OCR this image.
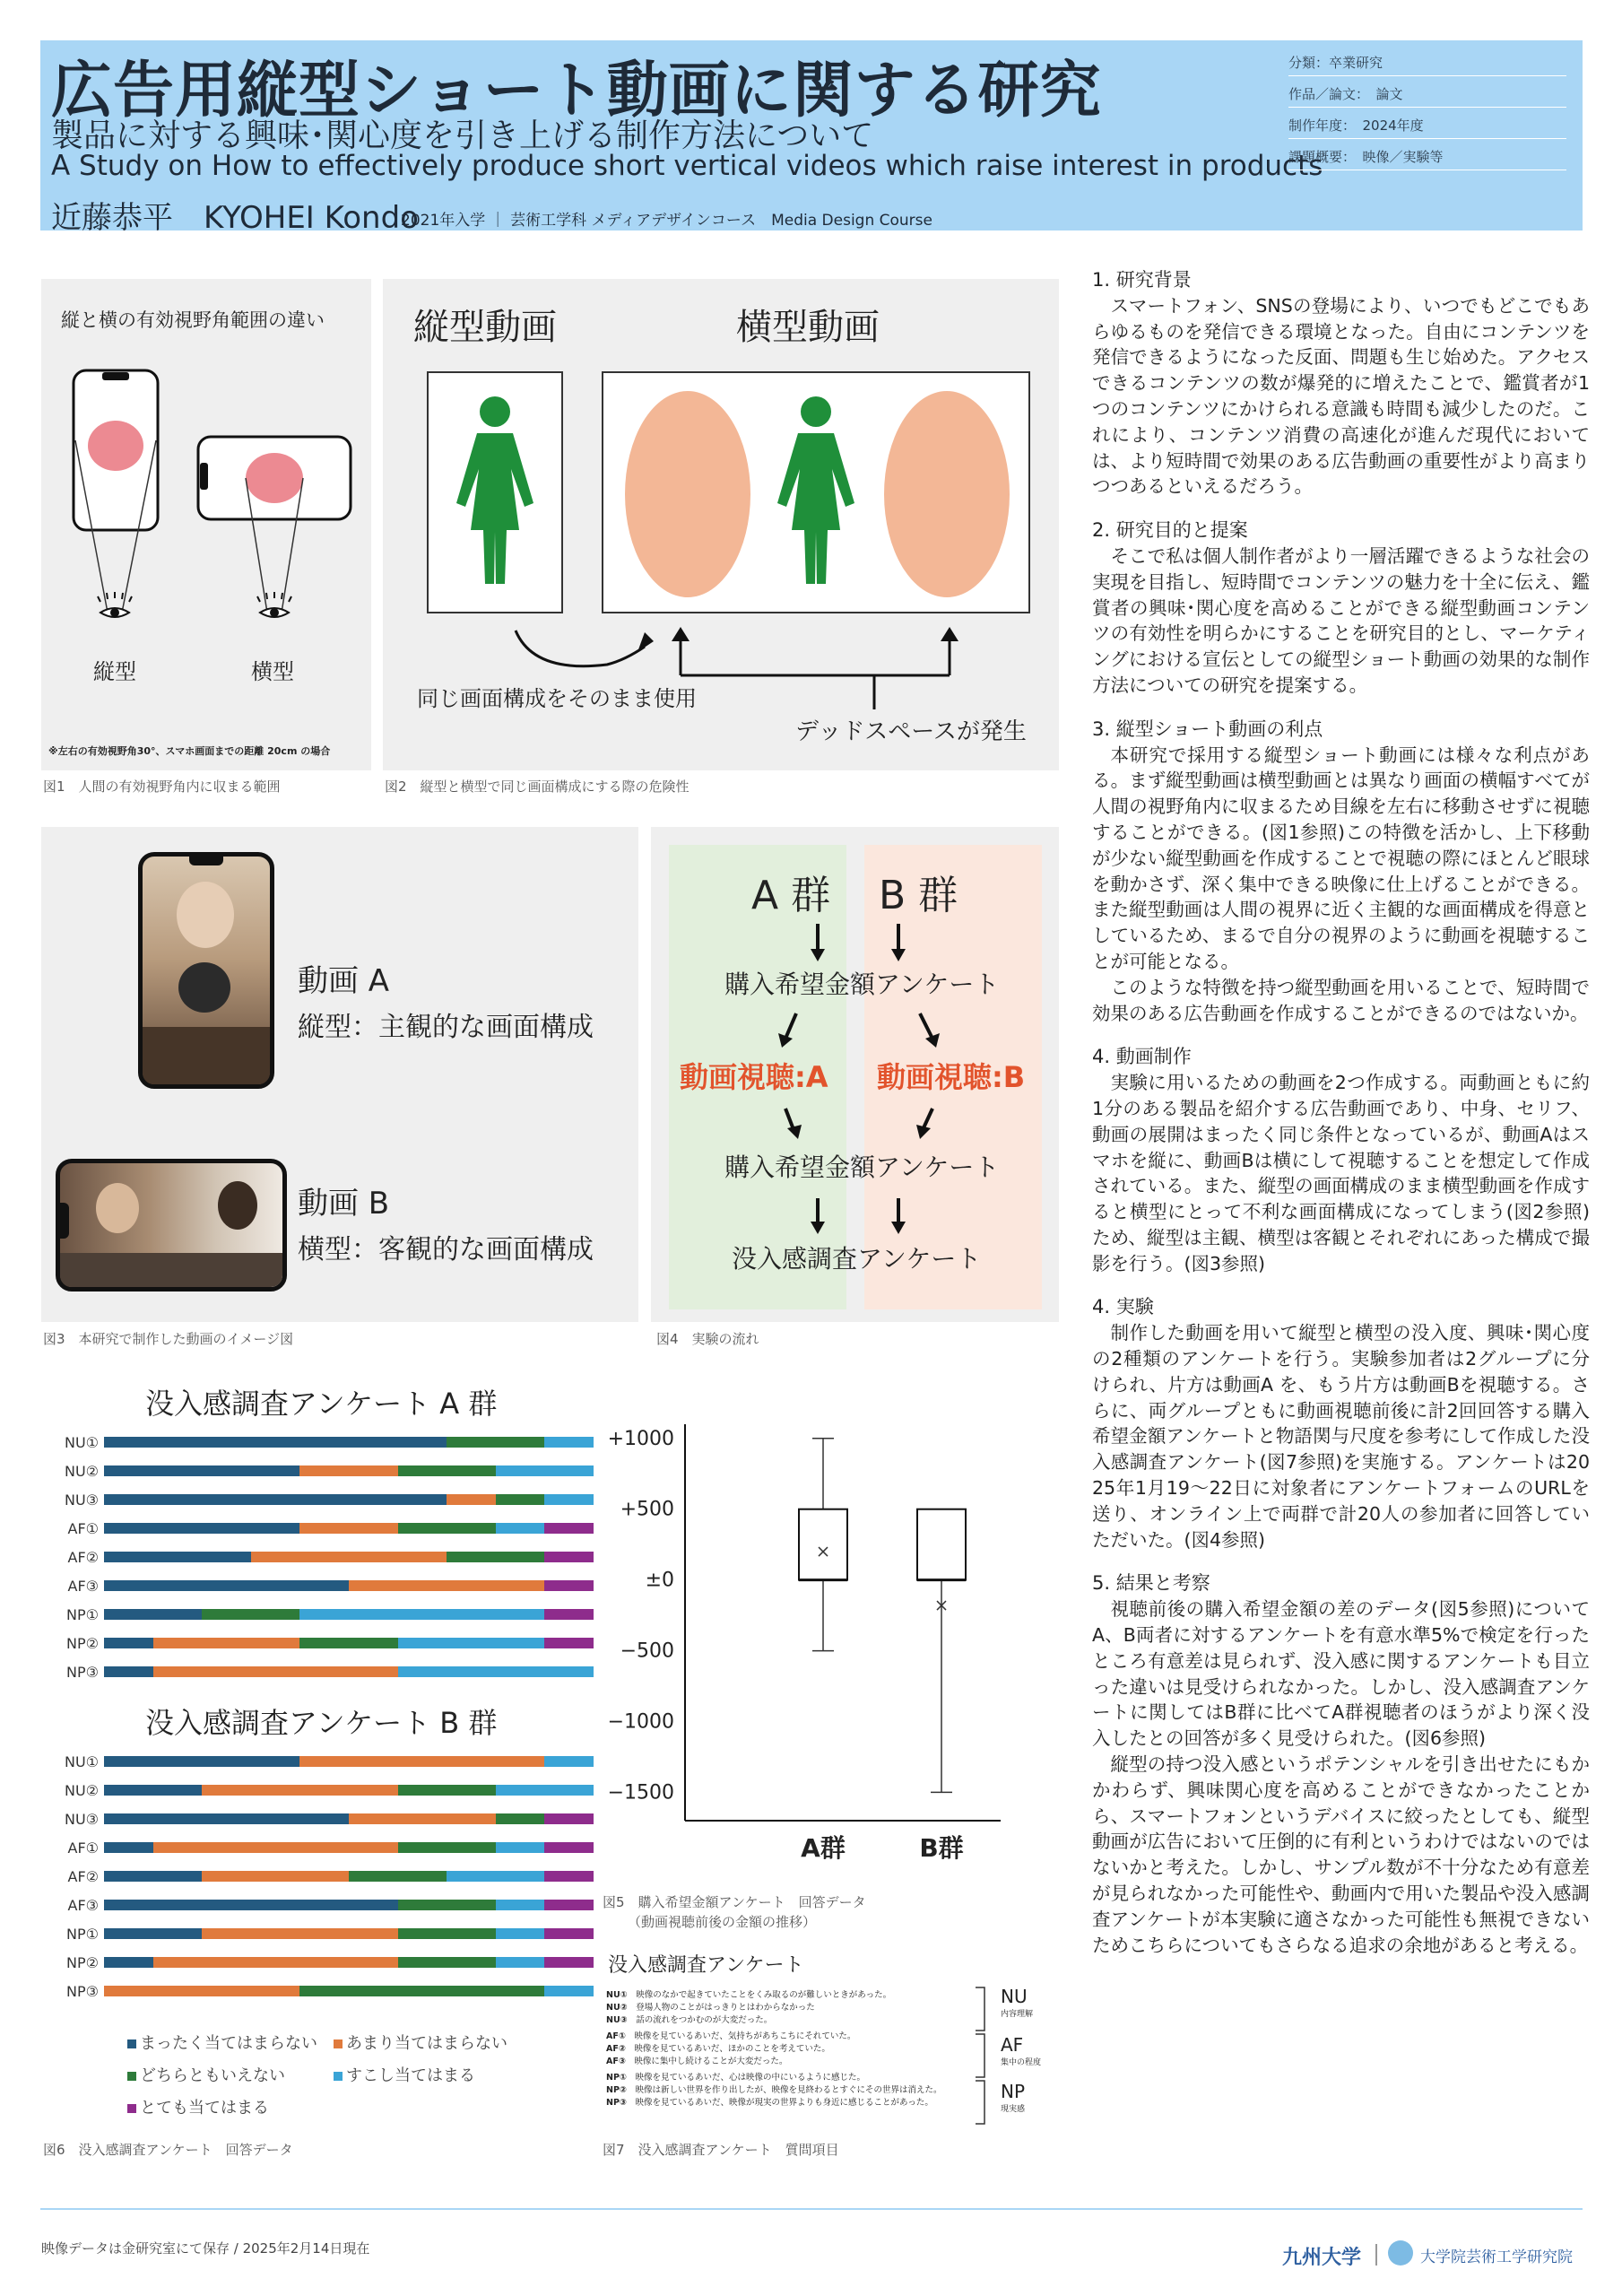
広告用縦型ショート動画に関する研究
製品に対する興味･関心度を引き上げる制作方法について
A Study on How to effectively produce short vertical videos which raise interest in products
近藤恭平　KYOHEI Kondo
2021年入学 ｜ 芸術工学科 メディアデザインコース　Media Design Course
分類：卒業研究
作品／論文：　論文
制作年度：　2024年度
課題概要：　映像／実験等
縦と横の有効視野角範囲の違い
縦型	横型
※左右の有効視野角30°、スマホ画面までの距離 20cm の場合
図1　人間の有効視野角内に収まる範囲
縦型動画	横型動画
同じ画面構成をそのまま使用
デッドスペースが発生
図2　縦型と横型で同じ画面構成にする際の危険性
動画 A
縦型：主観的な画面構成
動画 B
横型：客観的な画面構成
図3　本研究で制作した動画のイメージ図
A 群 B 群
購入希望金額アンケート
動画視聴:A 動画視聴:B
購入希望金額アンケート
没入感調査アンケート
図4　実験の流れ
没入感調査アンケート A 群
NU①
NU②
NU③
AF①
AF②
AF③
NP①
NP②
NP③
没入感調査アンケート B 群
NU①
NU②
NU③
AF①
AF②
AF③
NP①
NP②
NP③
まったく当てはまらない	あまり当てはまらない
どちらともいえない	すこし当てはまる
とても当てはまる
図6　没入感調査アンケート　回答データ
+1000
+500
±0
−500
−1000
−1500
A群	B群
図5　購入希望金額アンケート　回答データ
（動画視聴前後の金額の推移）
没入感調査アンケート
NU①　 映像のなかで起きていたことをくみ取るのが難しいときがあった。
NU②　 登場人物のことがはっきりとはわからなかった
NU③　 話の流れをつかむのが大変だった。
AF①　 映像を見ているあいだ、気持ちがあちこちにそれていた。
AF②　 映像を見ているあいだ、ほかのことを考えていた。
AF③　 映像に集中し続けることが大変だった。
NP①　 映像を見ているあいだ、心は映像の中にいるように感じた。
NP②　 映像は新しい世界を作り出したが、映像を見終わるとすぐにその世界は消えた。
NP③　 映像を見ているあいだ、映像が現実の世界よりも身近に感じることがあった。
NU
内容理解
AF
集中の程度
NP
現実感
図7　没入感調査アンケート　質問項目
1. 研究背景

スマートフォン、SNSの登場により、いつでもどこでもあらゆるものを発信できる環境となった。自由にコンテンツを発信できるようになった反面、問題も生じ始めた。アクセスできるコンテンツの数が爆発的に増えたことで、鑑賞者が1 つのコンテンツにかけられる意識も時間も減少したのだ。これにより、コンテンツ消費の高速化が進んだ現代においては、より短時間で効果のある広告動画の重要性がより高まりつつあるといえるだろう。

2. 研究目的と提案

そこで私は個人制作者がより一層活躍できるような社会の実現を目指し、短時間でコンテンツの魅力を十全に伝え、鑑賞者の興味･関心度を高めることができる縦型動画コンテンツの有効性を明らかにすることを研究目的とし、マーケティングにおける宣伝としての縦型ショート動画の効果的な制作方法についての研究を提案する。

3. 縦型ショート動画の利点

本研究で採用する縦型ショート動画には様々な利点がある。まず縦型動画は横型動画とは異なり画面の横幅すべてが人間の視野角内に収まるため目線を左右に移動させずに視聴することができる。(図1参照)この特徴を活かし、上下移動が少ない縦型動画を作成することで視聴の際にほとんど眼球を動かさず、深く集中できる映像に仕上げることができる。また縦型動画は人間の視界に近く主観的な画面構成を得意としているため、まるで自分の視界のように動画を視聴することが可能となる。

このような特徴を持つ縦型動画を用いることで、短時間で効果のある広告動画を作成することができるのではないか。

4. 動画制作

実験に用いるための動画を2つ作成する。両動画ともに約1分のある製品を紹介する広告動画であり、中身、セリフ、動画の展開はまったく同じ条件となっているが、動画Aはスマホを縦に、動画Bは横にして視聴することを想定して作成されている。また、縦型の画面構成のまま横型動画を作成すると横型にとって不利な画面構成になってしまう(図2参照)ため、縦型は主観、横型は客観とそれぞれにあった構成で撮影を行う。(図3参照)

4. 実験

制作した動画を用いて縦型と横型の没入度、興味･関心度の2種類のアンケートを行う。実験参加者は2グループに分けられ、片方は動画A を、もう片方は動画Bを視聴する。さらに、両グループともに動画視聴前後に計2回回答する購入希望金額アンケートと物語関与尺度を参考にして作成した没入感調査アンケート(図7参照)を実施する。アンケートは2025年1月19〜22日に対象者にアンケートフォームのURLを送り、オンライン上で両群で計20人の参加者に回答していただいた。(図4参照)

5. 結果と考察

視聴前後の購入希望金額の差のデータ(図5参照)についてA、B両者に対するアンケートを有意水準5%で検定を行ったところ有意差は見られず、没入感に関するアンケートも目立った違いは見受けられなかった。しかし、没入感調査アンケートに関してはB群に比べてA群視聴者のほうがより深く没入したとの回答が多く見受けられた。(図6参照)

縦型の持つ没入感というポテンシャルを引き出せたにもかかわらず、興味関心度を高めることができなかったことから、スマートフォンというデバイスに絞ったとしても、縦型動画が広告において圧倒的に有利というわけではないのではないかと考えた。しかし、サンプル数が不十分なため有意差が見られなかった可能性や、動画内で用いた製品や没入感調査アンケートが本実験に適さなかった可能性も無視できないためこちらについてもさらなる追求の余地があると考える。

映像データは金研究室にて保存 / 2025年2月14日現在	九州大学	大学院芸術工学研究院
